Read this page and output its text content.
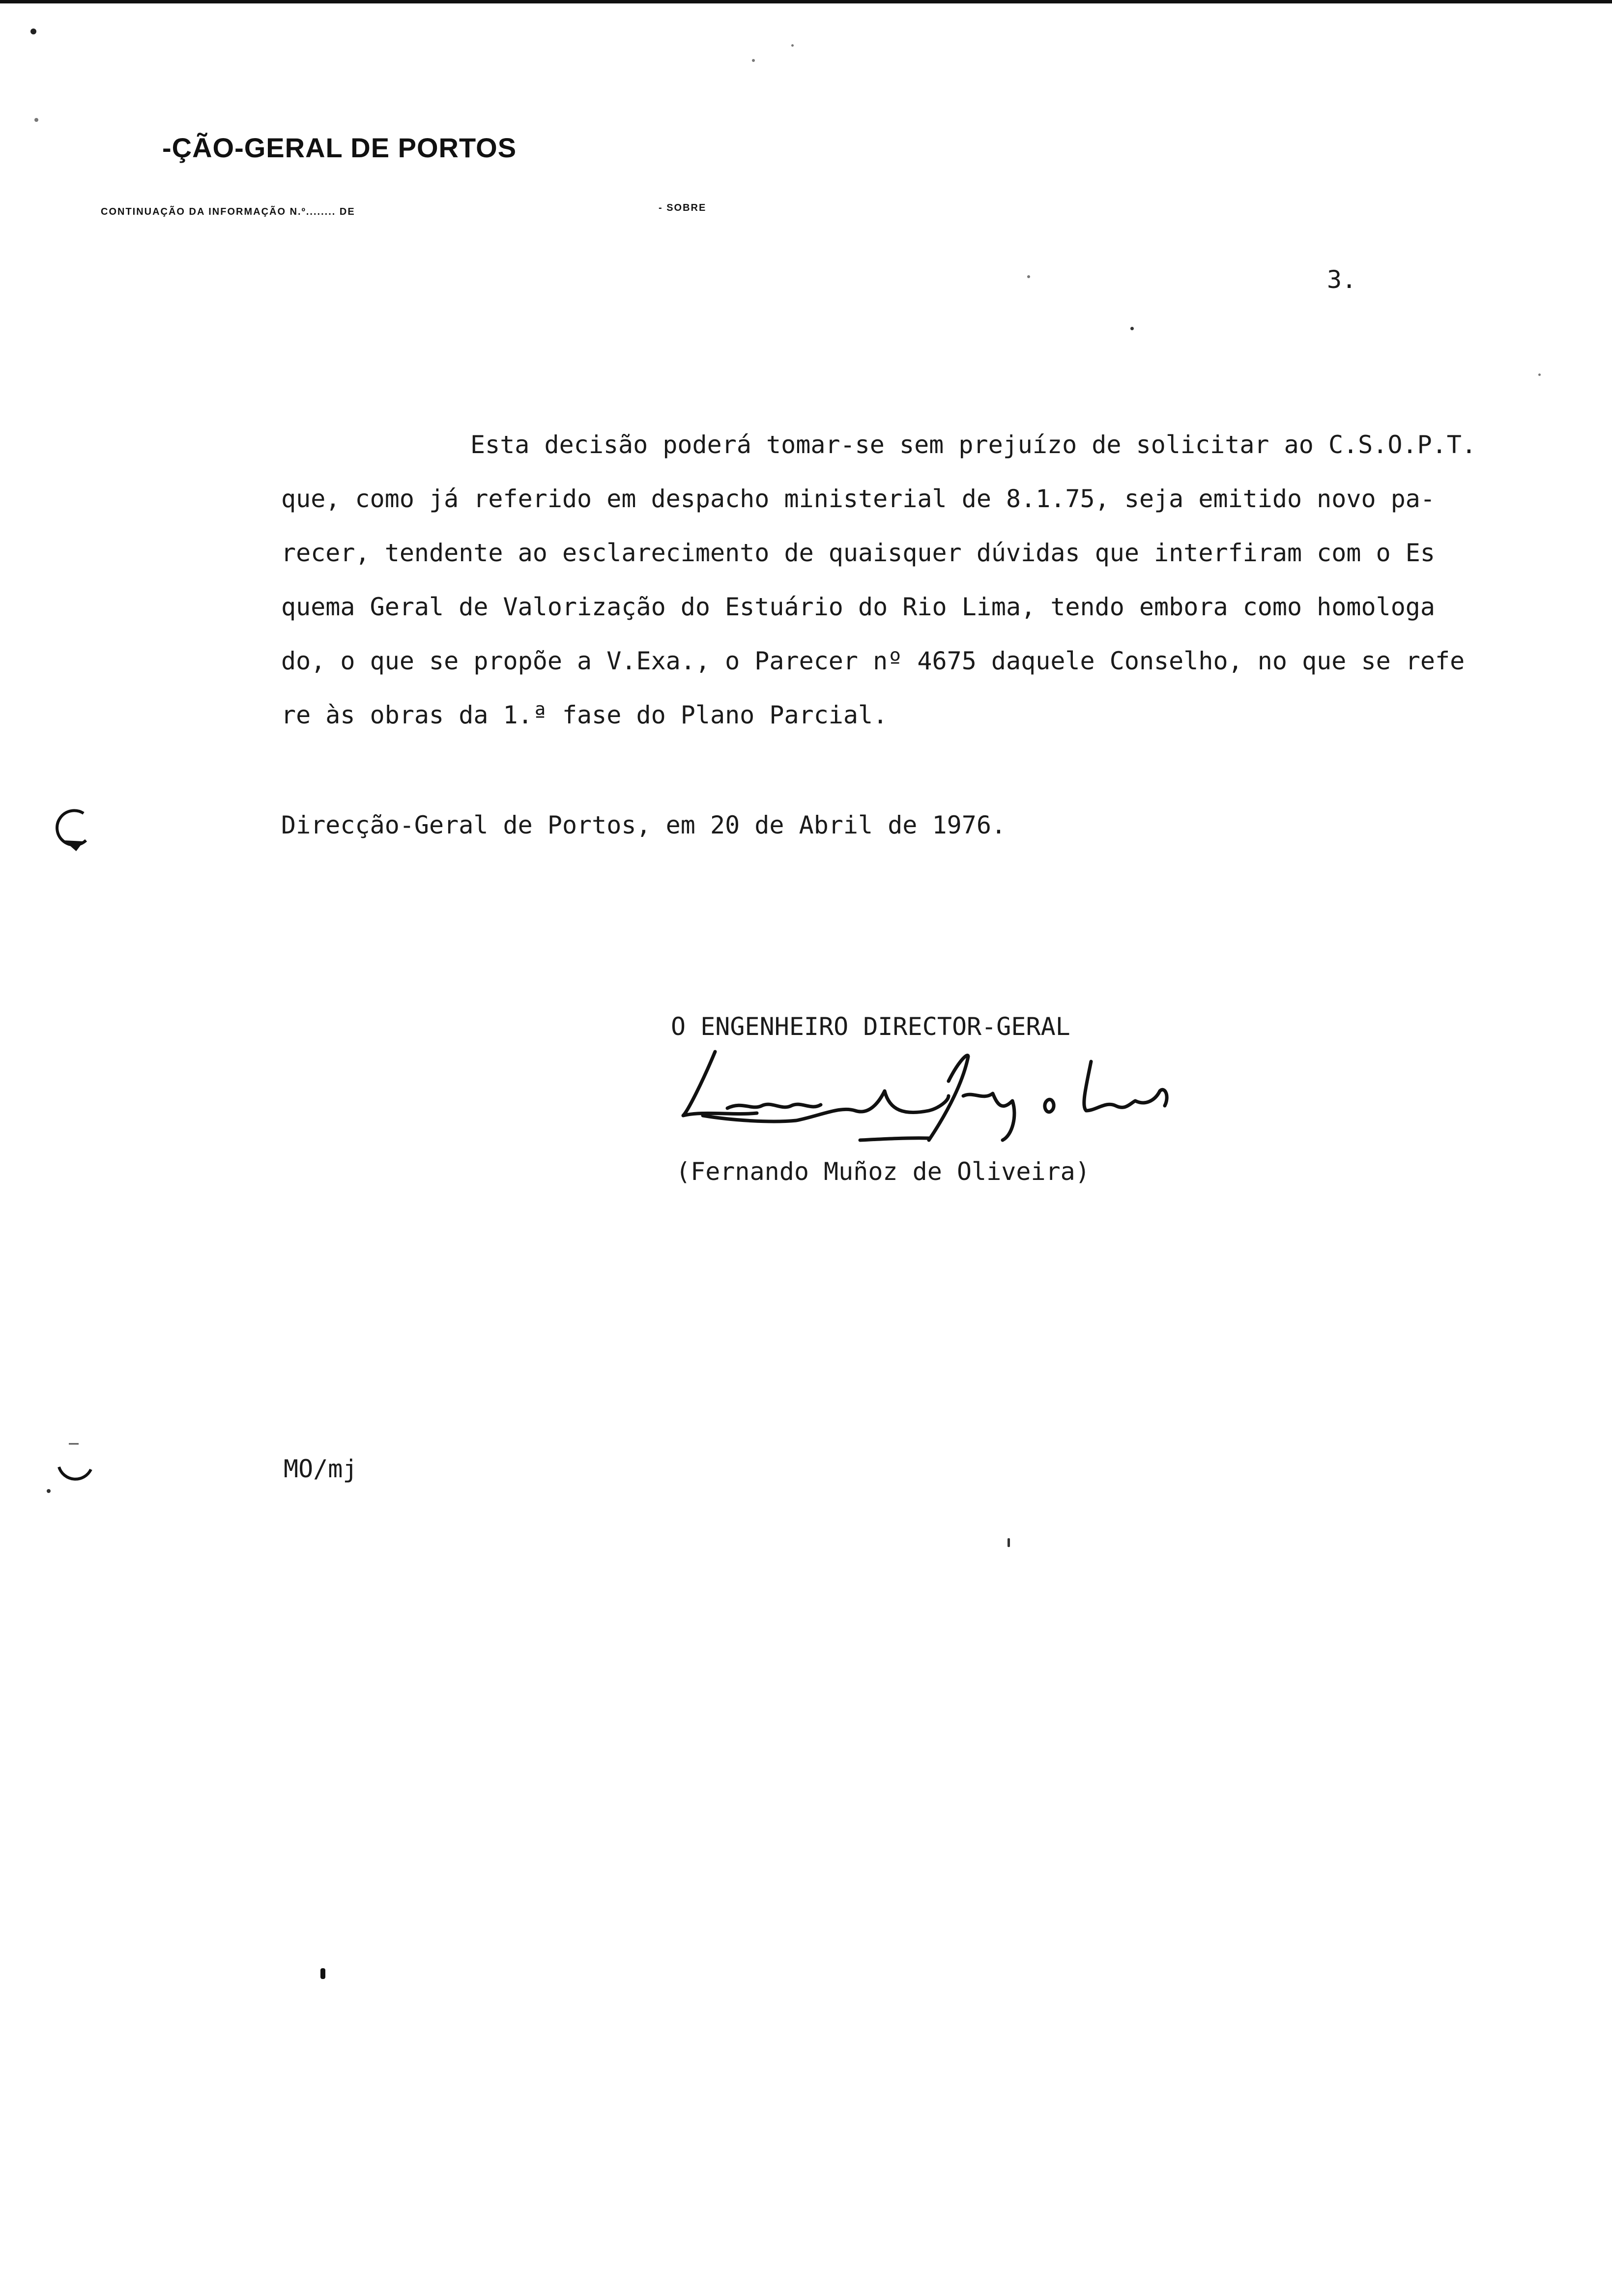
-ÇÃO-GERAL DE PORTOS
CONTINUAÇÃO DA INFORMAÇÃO N.º........ DE	- SOBRE
3.
Esta decisão poderá tomar-se sem prejuízo de solicitar ao C.S.O.P.T.
que, como já referido em despacho ministerial de 8.1.75, seja emitido novo pa-
recer, tendente ao esclarecimento de quaisquer dúvidas que interfiram com o Es
quema Geral de Valorização do Estuário do Rio Lima, tendo embora como homologa
do, o que se propõe a V.Exa., o Parecer nº 4675 daquele Conselho, no que se refe
re às obras da 1.ª fase do Plano Parcial.
Direcção-Geral de Portos, em 20 de Abril de 1976.
O ENGENHEIRO DIRECTOR-GERAL
(Fernando Muñoz de Oliveira)
MO/mj
